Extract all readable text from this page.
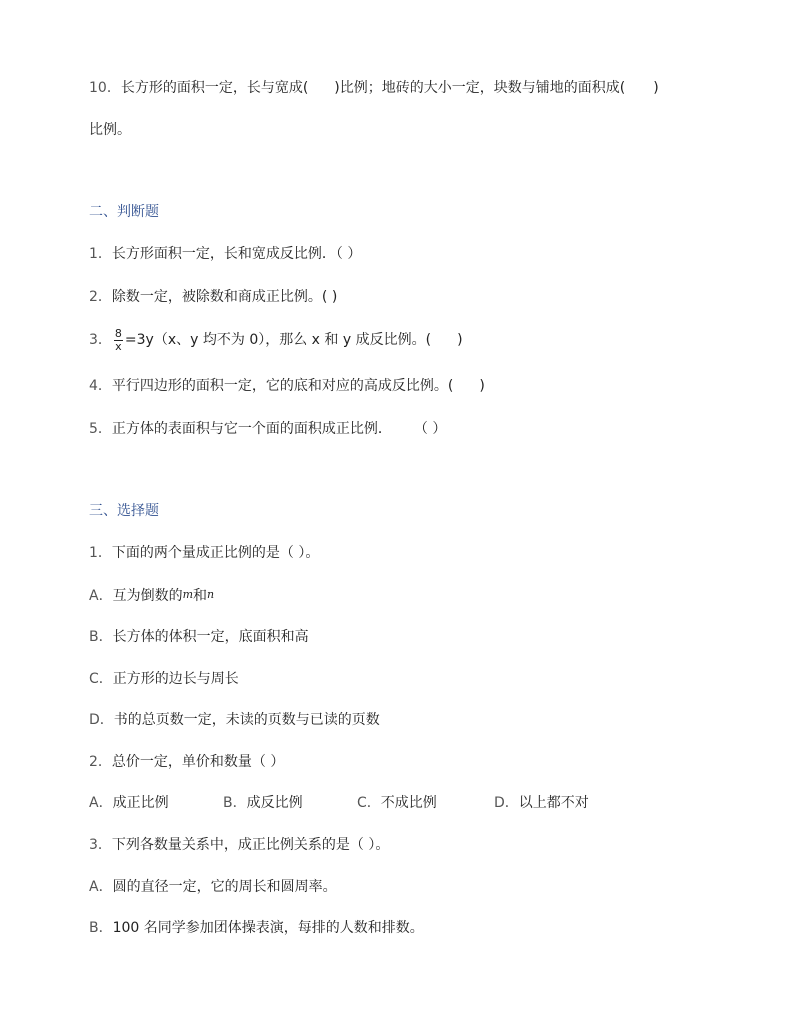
10．长方形的面积一定，长与宽成( )比例；地砖的大小一定，块数与铺地的面积成( )
比例。
二、判断题
1．长方形面积一定，长和宽成反比例．（ ）
2．除数一定，被除数和商成正比例。( )
3． $\frac{8}{x} =3y(x$、y 均不为 0），那么 x 和 y 成反比例。( )
4．平行四边形的面积一定，它的底和对应的高成反比例。( )
5．正方体的表面积与它一个面的面积成正比例． （ ）
三、选择题
1．下面的两个量成正比例的是（ ）。
A．互为倒数的m和n
B．长方体的体积一定，底面积和高
C．正方形的边长与周长
D．书的总页数一定，未读的页数与已读的页数
2．总价一定，单价和数量（ ）
A．成正比例	B．成反比例	C．不成比例	D．以上都不对
3．下列各数量关系中，成正比例关系的是（ ）。
A．圆的直径一定，它的周长和圆周率。
B．100 名同学参加团体操表演，每排的人数和排数。
